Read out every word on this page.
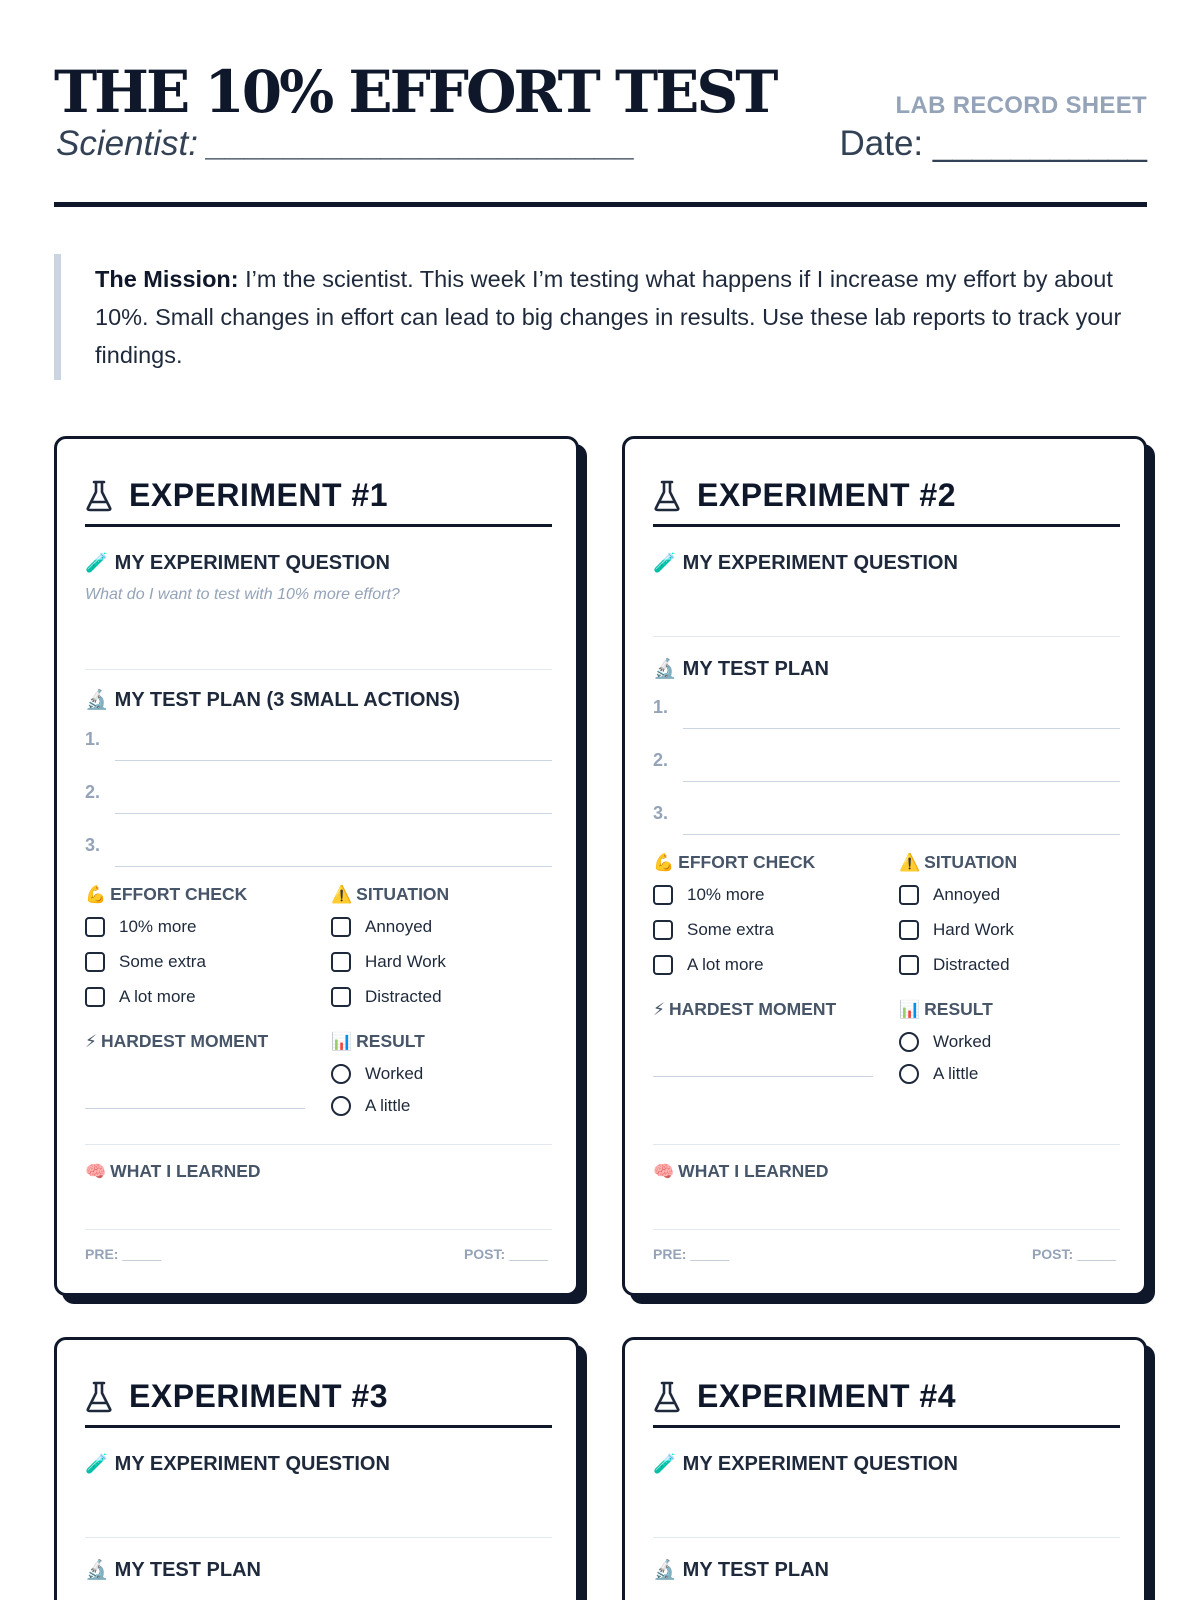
THE 10% EFFORT TEST
Scientist: ______________________
LAB RECORD SHEET
Date: ___________
The Mission: I’m the scientist. This week I’m testing what happens if I increase my effort by about 10%. Small changes in effort can lead to big changes in results. Use these lab reports to track your findings.
EXPERIMENT #1
🧪 MY EXPERIMENT QUESTION
What do I want to test with 10% more effort?
🔬 MY TEST PLAN (3 SMALL ACTIONS)
1.
2.
3.
💪 EFFORT CHECK
10% more
Some extra
A lot more
⚠️ SITUATION
Annoyed
Hard Work
Distracted
⚡ HARDEST MOMENT	📊 RESULT
Worked
A little
🧠 WHAT I LEARNED
PRE: _____	POST: _____
EXPERIMENT #2
🧪 MY EXPERIMENT QUESTION
🔬 MY TEST PLAN
1.
2.
3.
💪 EFFORT CHECK
10% more
Some extra
A lot more
⚠️ SITUATION
Annoyed
Hard Work
Distracted
⚡ HARDEST MOMENT	📊 RESULT
Worked
A little
🧠 WHAT I LEARNED
PRE: _____	POST: _____
EXPERIMENT #3
🧪 MY EXPERIMENT QUESTION
🔬 MY TEST PLAN
EXPERIMENT #4
🧪 MY EXPERIMENT QUESTION
🔬 MY TEST PLAN
